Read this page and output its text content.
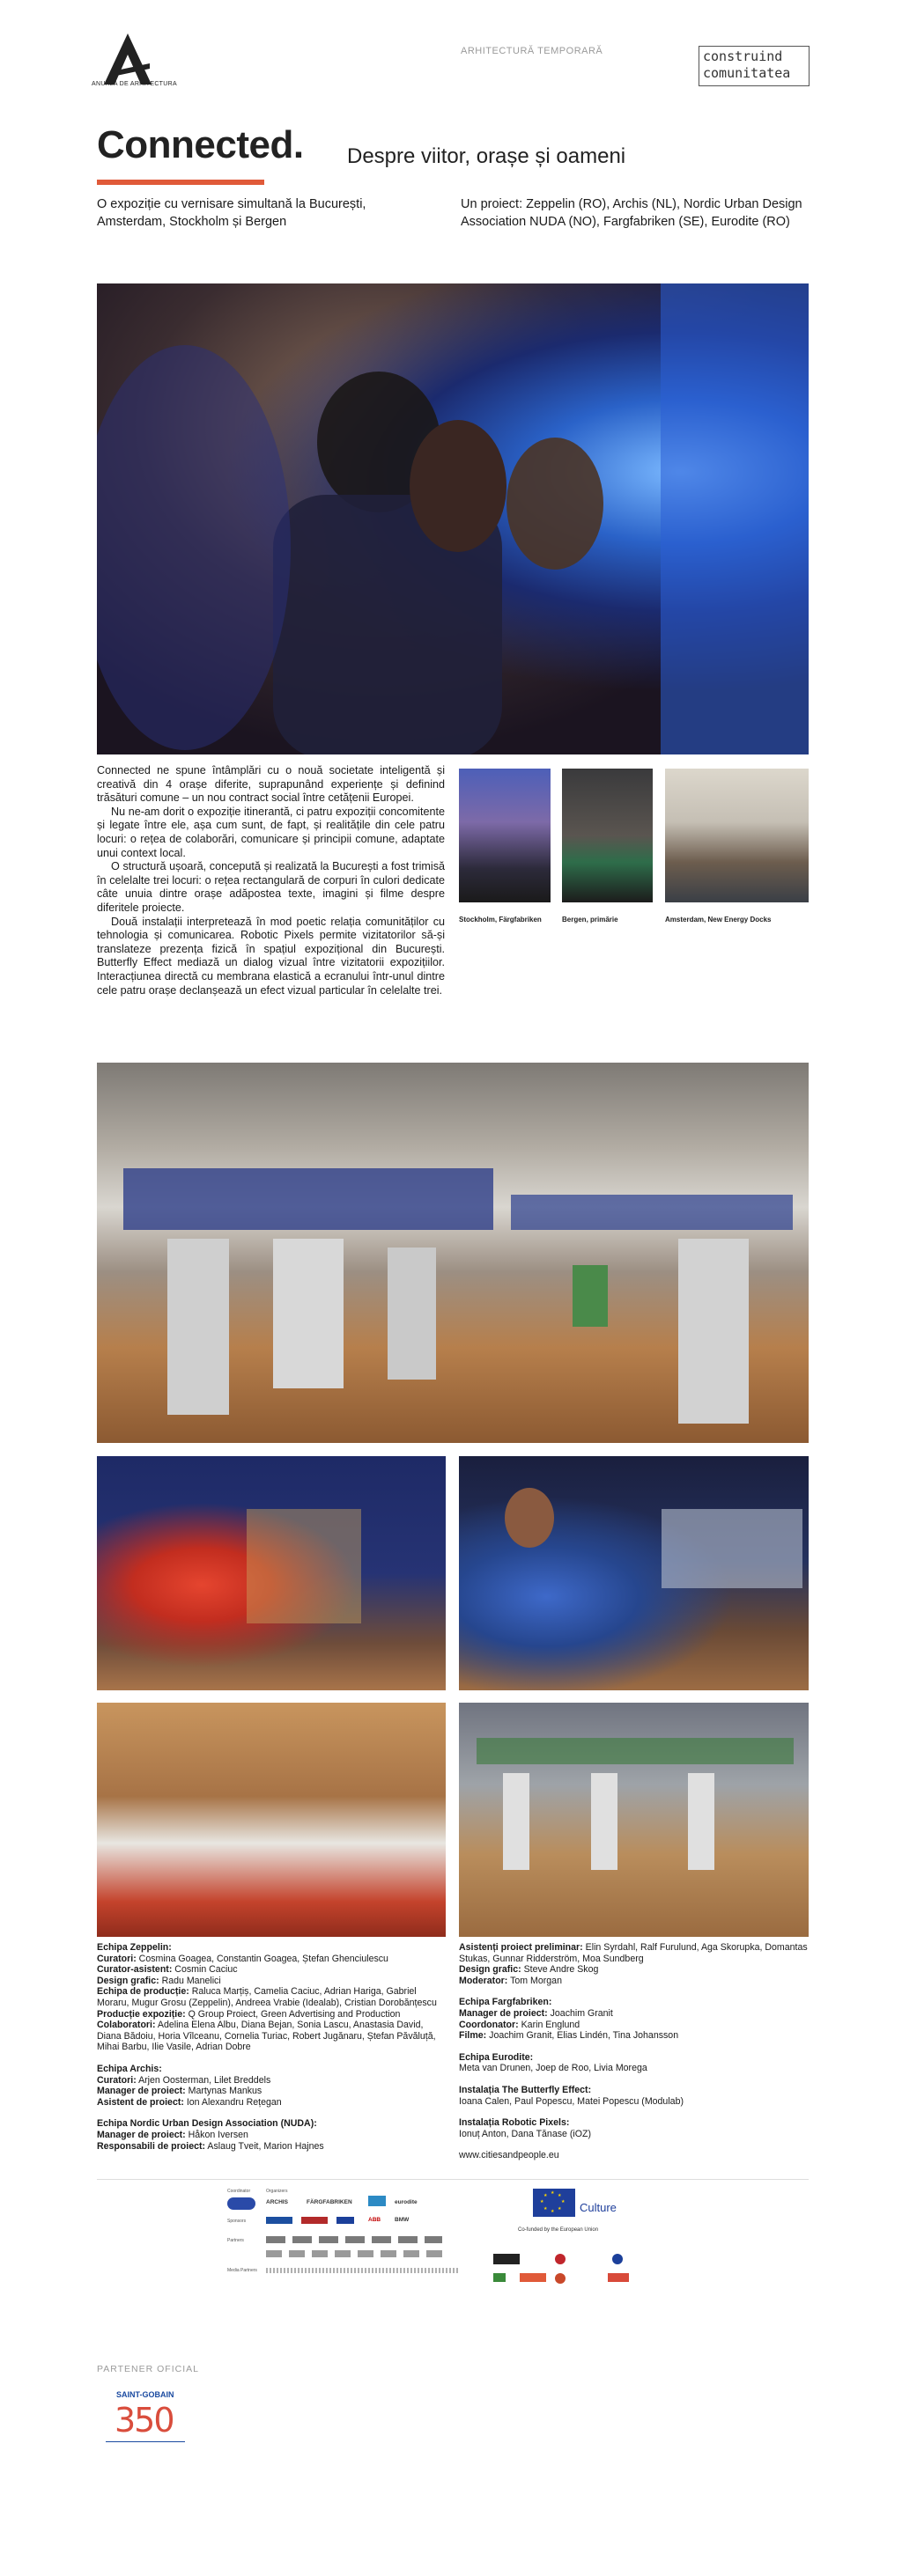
ANUALA DE ARHITECTURA
ARHITECTURĂ TEMPORARĂ	construind
comunitatea
Connected. Despre viitor, orașe și oameni
O expoziție cu vernisare simultană la București, Amsterdam, Stockholm și Bergen
Un proiect: Zeppelin (RO), Archis (NL), Nordic Urban Design Association NUDA (NO), Fargfabriken (SE), Eurodite (RO)

Connected ne spune întâmplări cu o nouă societate inteligentă și creativă din 4 orașe diferite, suprapunând experiențe și definind trăsături comune – un nou contract social între cetățenii Europei.

Nu ne-am dorit o expoziție itinerantă, ci patru expoziții concomitente și legate între ele, așa cum sunt, de fapt, și realitățile din cele patru locuri: o rețea de colaborări, comunicare și principii comune, adaptate unui context local.

O structură ușoară, concepută și realizată la București a fost trimisă în celelalte trei locuri: o rețea rectangulară de corpuri în culori dedicate câte unuia dintre orașe adăpostea texte, imagini și filme despre diferitele proiecte.

Două instalații interpretează în mod poetic relația comunităților cu tehnologia și comunicarea. Robotic Pixels permite vizitatorilor să-și translateze prezența fizică în spațiul expozițional din București. Butterfly Effect mediază un dialog vizual între vizitatorii expozițiilor. Interacțiunea directă cu membrana elastică a ecranului într-unul dintre cele patru orașe declanșează un efect vizual particular în celelalte trei.

Stockholm, Färgfabriken	Bergen, primărie	Amsterdam, New Energy Docks
Echipa Zeppelin:
Curatori: Cosmina Goagea, Constantin Goagea, Ștefan Ghenciulescu
Curator-asistent: Cosmin Caciuc
Design grafic: Radu Manelici
Echipa de producție: Raluca Marțiș, Camelia Caciuc, Adrian Hariga, Gabriel Moraru, Mugur Grosu (Zeppelin), Andreea Vrabie (Idealab), Cristian Dorobănțescu
Producție expoziție: Q Group Proiect, Green Advertising and Production
Colaboratori: Adelina Elena Albu, Diana Bejan, Sonia Lascu, Anastasia David, Diana Bădoiu, Horia Vîlceanu, Cornelia Turiac, Robert Jugănaru, Ștefan Păvăluță, Mihai Barbu, Ilie Vasile, Adrian Dobre
Echipa Archis:
Curatori: Arjen Oosterman, Lilet Breddels
Manager de proiect: Martynas Mankus
Asistent de proiect: Ion Alexandru Rețegan
Echipa Nordic Urban Design Association (NUDA):
Manager de proiect: Håkon Iversen
Responsabili de proiect: Aslaug Tveit, Marion Hajnes
Asistenți proiect preliminar: Elin Syrdahl, Ralf Furulund, Aga Skorupka, Domantas Stukas, Gunnar Ridderström, Moa Sundberg
Design grafic: Steve Andre Skog
Moderator: Tom Morgan
Echipa Fargfabriken:
Manager de proiect: Joachim Granit
Coordonator: Karin Englund
Filme: Joachim Granit, Elias Lindén, Tina Johansson
Echipa Eurodite:
Meta van Drunen, Joep de Roo, Livia Morega
Instalația The Butterfly Effect:
Ioana Calen, Paul Popescu, Matei Popescu (Modulab)
Instalația Robotic Pixels:
Ionuț Anton, Dana Tănase (iOZ)
www.citiesandpeople.eu
Coordinator	Organizers
ARCHIS	FÄRGFABRIKEN	eurodite
Sponsors	ABB BMW
Partners
Media Partners
★ ★
★
★
★
★
★
★
Co-funded by the European Union
Culture
PARTENER OFICIAL
SAINT-GOBAIN
350
